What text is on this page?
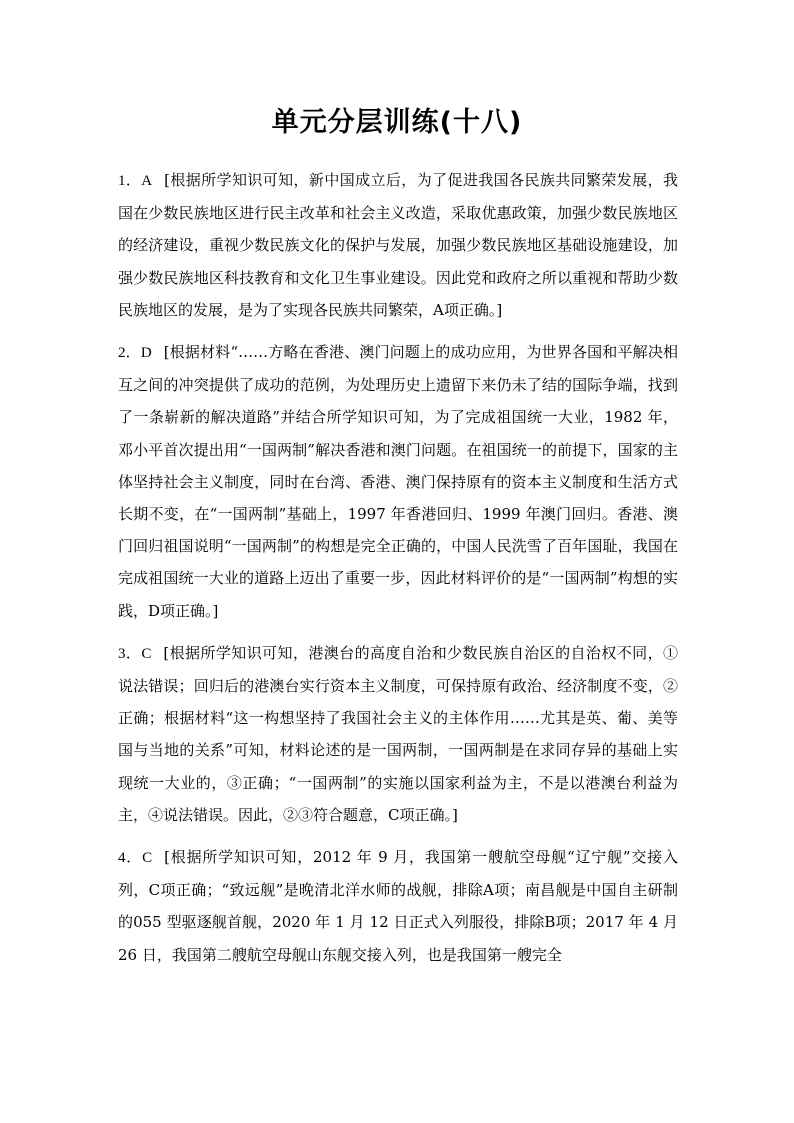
单元分层训练(十八)

1．A [根据所学知识可知，新中国成立后，为了促进我国各民族共同繁荣发展，我国在少数民族地区进行民主改革和社会主义改造，采取优惠政策，加强少数民族地区的经济建设，重视少数民族文化的保护与发展，加强少数民族地区基础设施建设，加强少数民族地区科技教育和文化卫生事业建设。因此党和政府之所以重视和帮助少数民族地区的发展，是为了实现各民族共同繁荣，A项正确。]

2．D [根据材料“……方略在香港、澳门问题上的成功应用，为世界各国和平解决相互之间的冲突提供了成功的范例，为处理历史上遗留下来仍未了结的国际争端，找到了一条崭新的解决道路”并结合所学知识可知，为了完成祖国统一大业，1982 年，邓小平首次提出用“一国两制”解决香港和澳门问题。在祖国统一的前提下，国家的主体坚持社会主义制度，同时在台湾、香港、澳门保持原有的资本主义制度和生活方式长期不变，在“一国两制”基础上，1997 年香港回归、1999 年澳门回归。香港、澳门回归祖国说明“一国两制”的构想是完全正确的，中国人民洗雪了百年国耻，我国在完成祖国统一大业的道路上迈出了重要一步，因此材料评价的是“一国两制”构想的实践，D项正确。]

3．C [根据所学知识可知，港澳台的高度自治和少数民族自治区的自治权不同，①说法错误；回归后的港澳台实行资本主义制度，可保持原有政治、经济制度不变，②正确；根据材料“这一构想坚持了我国社会主义的主体作用……尤其是英、葡、美等国与当地的关系”可知，材料论述的是一国两制，一国两制是在求同存异的基础上实现统一大业的，③正确；“一国两制”的实施以国家利益为主，不是以港澳台利益为主，④说法错误。因此，②③符合题意，C项正确。]

4．C [根据所学知识可知，2012 年 9 月，我国第一艘航空母舰“辽宁舰”交接入列，C项正确；“致远舰”是晚清北洋水师的战舰，排除A项；南昌舰是中国自主研制的055 型驱逐舰首舰，2020 年 1 月 12 日正式入列服役，排除B项；2017 年 4 月 26 日，我国第二艘航空母舰山东舰交接入列，也是我国第一艘完全
